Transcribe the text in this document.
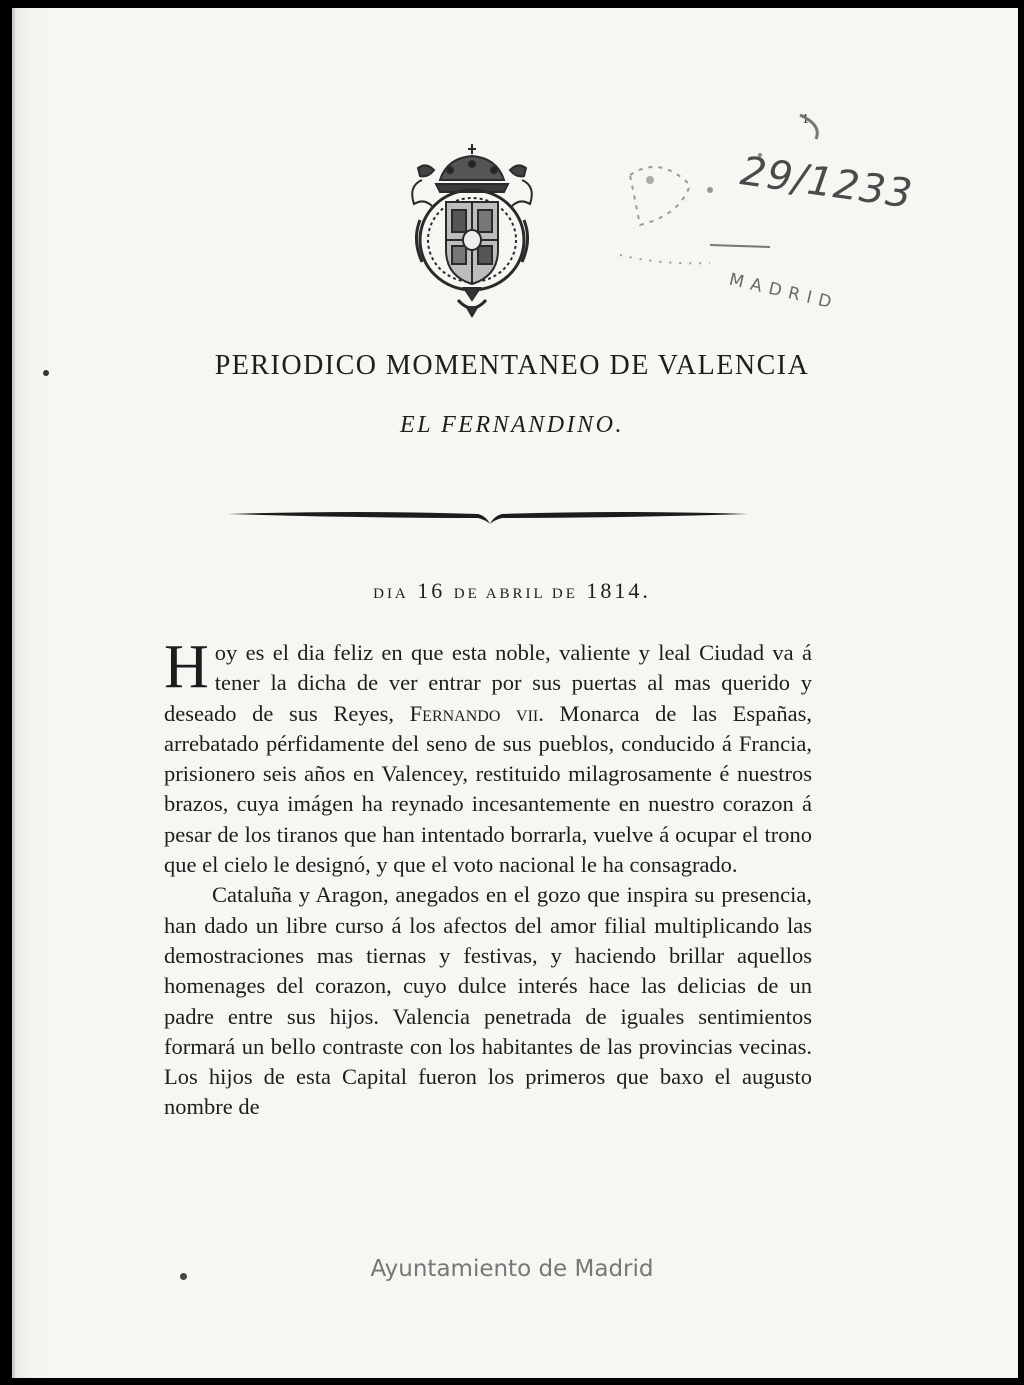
1
29/1233
MADRID
PERIODICO MOMENTANEO DE VALENCIA
EL FERNANDINO.
DIA 16 DE ABRIL DE 1814.

Hoy es el dia feliz en que esta noble, valiente y leal Ciudad va á tener la dicha de ver entrar por sus puertas al mas querido y deseado de sus Reyes, Fernando vii. Monarca de las Españas, arrebatado pérfidamente del seno de sus pueblos, conducido á Francia, prisionero seis años en Valencey, restituido milagrosamente é nuestros brazos, cuya imágen ha reynado incesantemente en nuestro corazon á pesar de los tiranos que han intentado borrarla, vuelve á ocupar el trono que el cielo le designó, y que el voto nacional le ha consagrado.

Cataluña y Aragon, anegados en el gozo que inspira su presencia, han dado un libre curso á los afectos del amor filial multiplicando las demostraciones mas tiernas y festivas, y haciendo brillar aquellos homenages del corazon, cuyo dulce interés hace las delicias de un padre entre sus hijos. Valencia penetrada de iguales sentimientos formará un bello contraste con los habitantes de las provincias vecinas. Los hijos de esta Capital fueron los primeros que baxo el augusto nombre de

Ayuntamiento de Madrid
